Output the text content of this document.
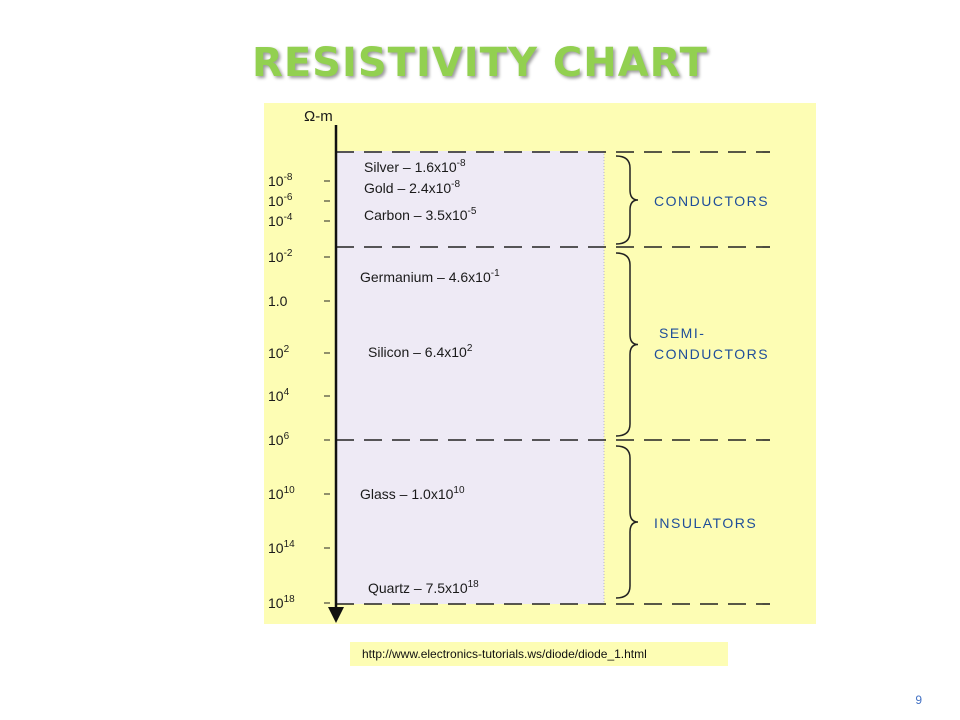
RESISTIVITY CHART
Ω-m
$10^{-8}$
$10^{-6}$
$10^{-4}$
$10^{-2}$
1.0
$10^2$
$10^4$
$10^6$
$10^{10}$
$10^{14}$
$10^{18}$
Silver – $1.6x10^{-8}$
Gold – $2.4x10^{-8}$
Carbon – $3.5x10^{-5}$
Germanium – $4.6x10^{-1}$
Silicon – $6.4x10^2$
Glass – $1.0x10^{10}$
Quartz – $7.5x10^{18}$
CONDUCTORS
SEMI-
CONDUCTORS
INSULATORS
http://www.electronics-tutorials.ws/diode/diode_1.html
9
